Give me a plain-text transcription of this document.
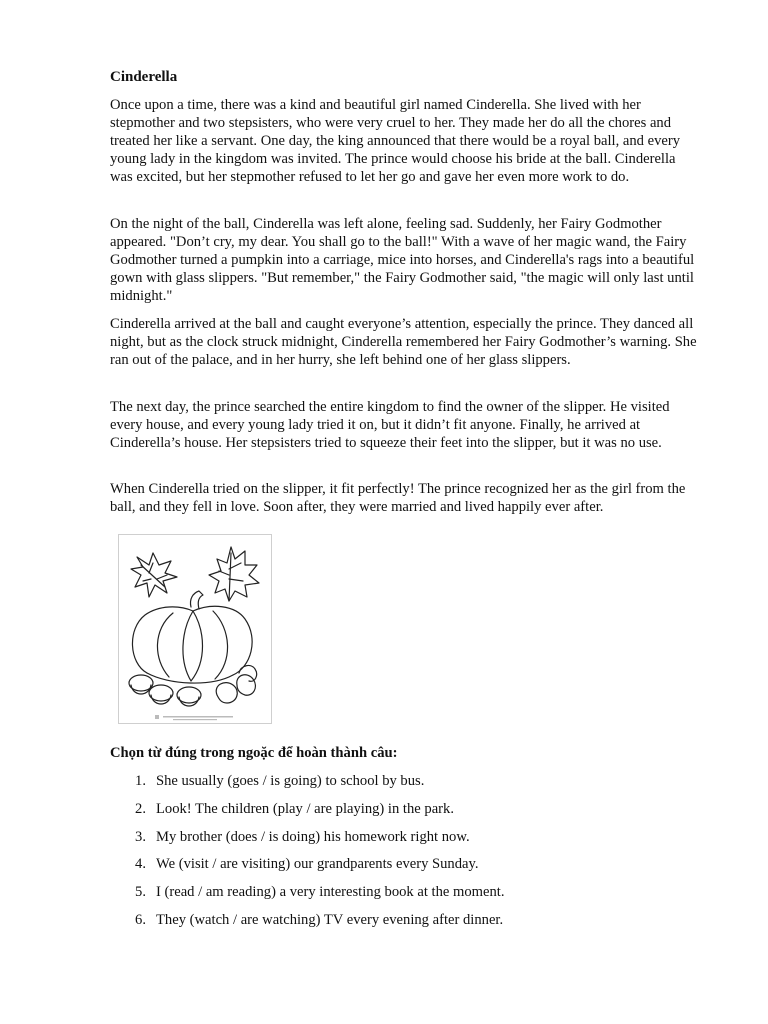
Cinderella

Once upon a time, there was a kind and beautiful girl named Cinderella. She lived with her stepmother and two stepsisters, who were very cruel to her. They made her do all the chores and treated her like a servant. One day, the king announced that there would be a royal ball, and every young lady in the kingdom was invited. The prince would choose his bride at the ball. Cinderella was excited, but her stepmother refused to let her go and gave her even more work to do.

On the night of the ball, Cinderella was left alone, feeling sad. Suddenly, her Fairy Godmother appeared. "Don’t cry, my dear. You shall go to the ball!" With a wave of her magic wand, the Fairy Godmother turned a pumpkin into a carriage, mice into horses, and Cinderella's rags into a beautiful gown with glass slippers. "But remember," the Fairy Godmother said, "the magic will only last until midnight."

Cinderella arrived at the ball and caught everyone’s attention, especially the prince. They danced all night, but as the clock struck midnight, Cinderella remembered her Fairy Godmother’s warning. She ran out of the palace, and in her hurry, she left behind one of her glass slippers.

The next day, the prince searched the entire kingdom to find the owner of the slipper. He visited every house, and every young lady tried it on, but it didn’t fit anyone. Finally, he arrived at Cinderella’s house. Her stepsisters tried to squeeze their feet into the slipper, but it was no use.

When Cinderella tried on the slipper, it fit perfectly! The prince recognized her as the girl from the ball, and they fell in love. Soon after, they were married and lived happily ever after.

Chọn từ đúng trong ngoặc để hoàn thành câu:

1. She usually (goes / is going) to school by bus.
2. Look! The children (play / are playing) in the park.
3. My brother (does / is doing) his homework right now.
4. We (visit / are visiting) our grandparents every Sunday.
5. I (read / am reading) a very interesting book at the moment.
6. They (watch / are watching) TV every evening after dinner.
